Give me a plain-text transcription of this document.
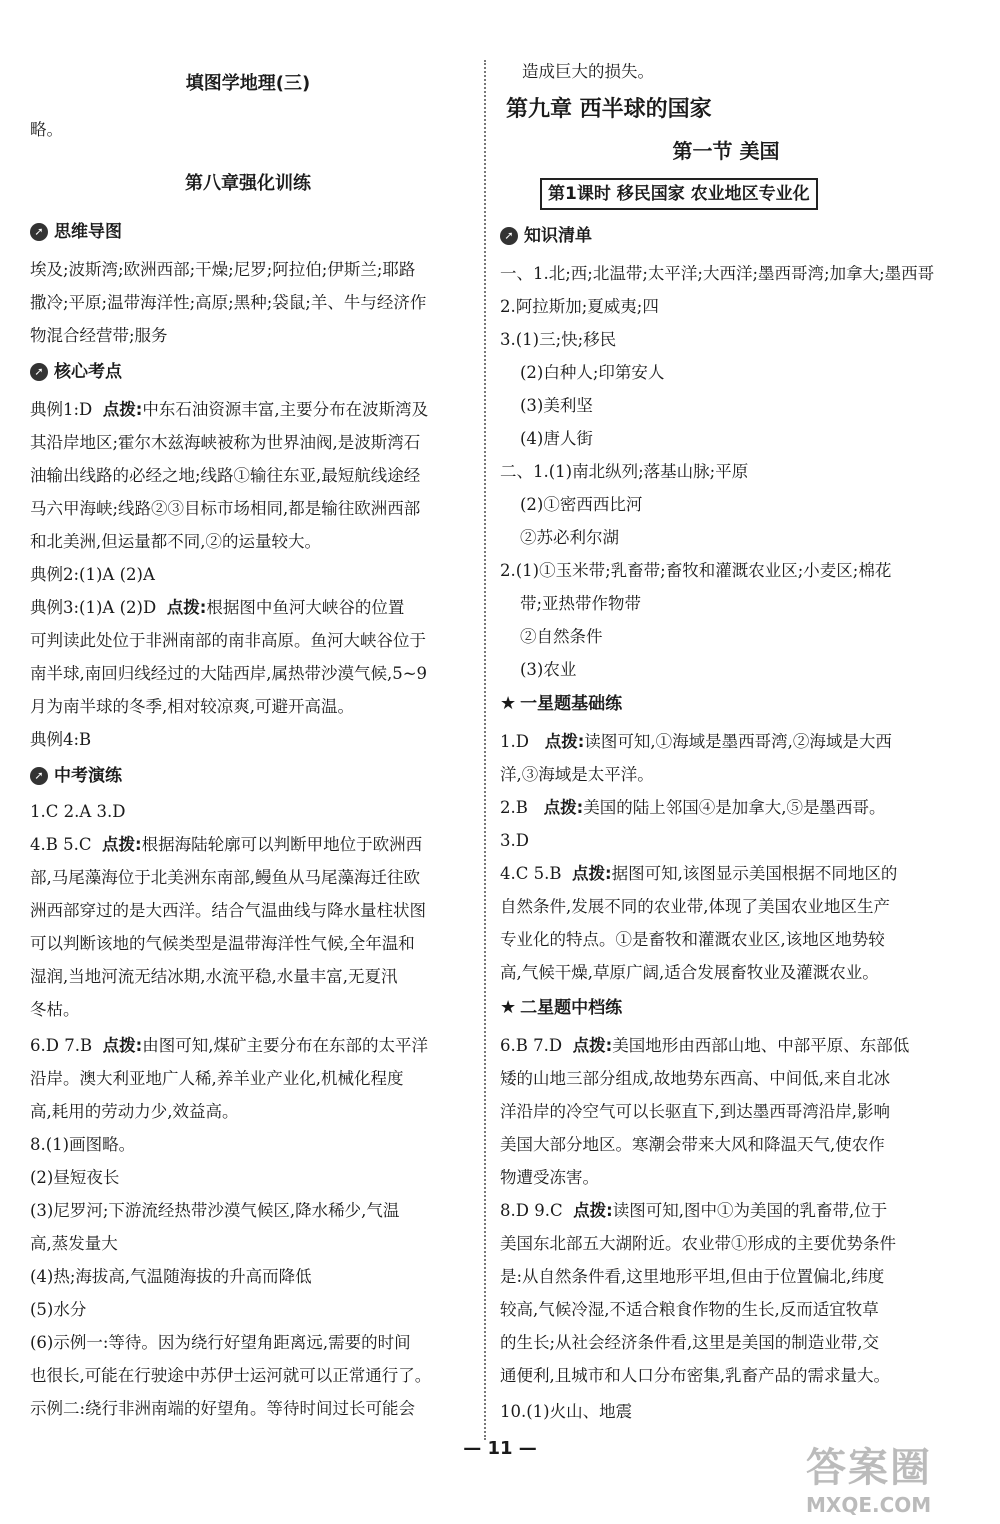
填图学地理(三)
略。
第八章强化训练
➚ 思维导图
埃及;波斯湾;欧洲西部;干燥;尼罗;阿拉伯;伊斯兰;耶路
撒冷;平原;温带海洋性;高原;黑种;袋鼠;羊、牛与经济作
物混合经营带;服务
➚ 核心考点
典例1:D 点拨:中东石油资源丰富,主要分布在波斯湾及
其沿岸地区;霍尔木兹海峡被称为世界油阀,是波斯湾石
油输出线路的必经之地;线路①输往东亚,最短航线途经
马六甲海峡;线路②③目标市场相同,都是输往欧洲西部
和北美洲,但运量都不同,②的运量较大。
典例2:(1)A (2)A
典例3:(1)A (2)D 点拨:根据图中鱼河大峡谷的位置
可判读此处位于非洲南部的南非高原。鱼河大峡谷位于
南半球,南回归线经过的大陆西岸,属热带沙漠气候,5~9
月为南半球的冬季,相对较凉爽,可避开高温。
典例4:B
➚ 中考演练
1.C 2.A 3.D
4.B 5.C 点拨:根据海陆轮廓可以判断甲地位于欧洲西
部,马尾藻海位于北美洲东南部,鳗鱼从马尾藻海迁往欧
洲西部穿过的是大西洋。结合气温曲线与降水量柱状图
可以判断该地的气候类型是温带海洋性气候,全年温和
湿润,当地河流无结冰期,水流平稳,水量丰富,无夏汛
冬枯。
6.D 7.B 点拨:由图可知,煤矿主要分布在东部的太平洋
沿岸。澳大利亚地广人稀,养羊业产业化,机械化程度
高,耗用的劳动力少,效益高。
8.(1)画图略。
(2)昼短夜长
(3)尼罗河;下游流经热带沙漠气候区,降水稀少,气温
高,蒸发量大
(4)热;海拔高,气温随海拔的升高而降低
(5)水分
(6)示例一:等待。因为绕行好望角距离远,需要的时间
也很长,可能在行驶途中苏伊士运河就可以正常通行了。
示例二:绕行非洲南端的好望角。等待时间过长可能会
造成巨大的损失。
第九章 西半球的国家
第一节 美国
第1课时 移民国家 农业地区专业化
➚ 知识清单
一、1.北;西;北温带;太平洋;大西洋;墨西哥湾;加拿大;墨西哥
2.阿拉斯加;夏威夷;四
3.(1)三;快;移民
(2)白种人;印第安人
(3)美利坚
(4)唐人街
二、1.(1)南北纵列;落基山脉;平原
(2)①密西西比河
②苏必利尔湖
2.(1)①玉米带;乳畜带;畜牧和灌溉农业区;小麦区;棉花
带;亚热带作物带
②自然条件
(3)农业
★ 一星题基础练
1.D 点拨:读图可知,①海域是墨西哥湾,②海域是大西
洋,③海域是太平洋。
2.B 点拨:美国的陆上邻国④是加拿大,⑤是墨西哥。
3.D
4.C 5.B 点拨:据图可知,该图显示美国根据不同地区的
自然条件,发展不同的农业带,体现了美国农业地区生产
专业化的特点。①是畜牧和灌溉农业区,该地区地势较
高,气候干燥,草原广阔,适合发展畜牧业及灌溉农业。
★ 二星题中档练
6.B 7.D 点拨:美国地形由西部山地、中部平原、东部低
矮的山地三部分组成,故地势东西高、中间低,来自北冰
洋沿岸的冷空气可以长驱直下,到达墨西哥湾沿岸,影响
美国大部分地区。寒潮会带来大风和降温天气,使农作
物遭受冻害。
8.D 9.C 点拨:读图可知,图中①为美国的乳畜带,位于
美国东北部五大湖附近。农业带①形成的主要优势条件
是:从自然条件看,这里地形平坦,但由于位置偏北,纬度
较高,气候冷湿,不适合粮食作物的生长,反而适宜牧草
的生长;从社会经济条件看,这里是美国的制造业带,交
通便利,且城市和人口分布密集,乳畜产品的需求量大。
10.(1)火山、地震
— 11 —	答案圈
MXQE.COM
